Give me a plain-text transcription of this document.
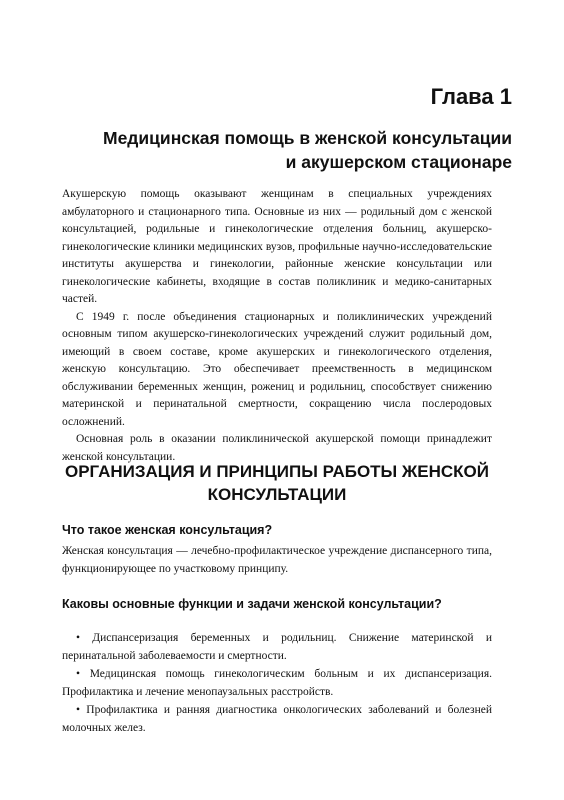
Глава 1
Медицинская помощь в женской консультации и акушерском стационаре

Акушерскую помощь оказывают женщинам в специальных учреждениях амбулаторного и стационарного типа. Основные из них — родильный дом с женской консультацией, родильные и гинекологические отделения больниц, акушерско-гинекологические клиники медицинских вузов, профильные научно-исследовательские институты акушерства и гинекологии, районные женские консультации или гинекологические кабинеты, входящие в состав поликлиник и медико-санитарных частей.

С 1949 г. после объединения стационарных и поликлинических учреждений основным типом акушерско-гинекологических учреждений служит родильный дом, имеющий в своем составе, кроме акушерских и гинекологического отделения, женскую консультацию. Это обеспечивает преемственность в медицинском обслуживании беременных женщин, рожениц и родильниц, способствует снижению материнской и перинатальной смертности, сокращению числа послеродовых осложнений.

Основная роль в оказании поликлинической акушерской помощи принадлежит женской консультации.

ОРГАНИЗАЦИЯ И ПРИНЦИПЫ РАБОТЫ ЖЕНСКОЙ КОНСУЛЬТАЦИИ
Что такое женская консультация?

Женская консультация — лечебно-профилактическое учреждение диспансерного типа, функционирующее по участковому принципу.

Каковы основные функции и задачи женской консультации?

• Диспансеризация беременных и родильниц. Снижение материнской и перинатальной заболеваемости и смертности.

• Медицинская помощь гинекологическим больным и их диспансеризация. Профилактика и лечение менопаузальных расстройств.

• Профилактика и ранняя диагностика онкологических заболеваний и болезней молочных желез.
